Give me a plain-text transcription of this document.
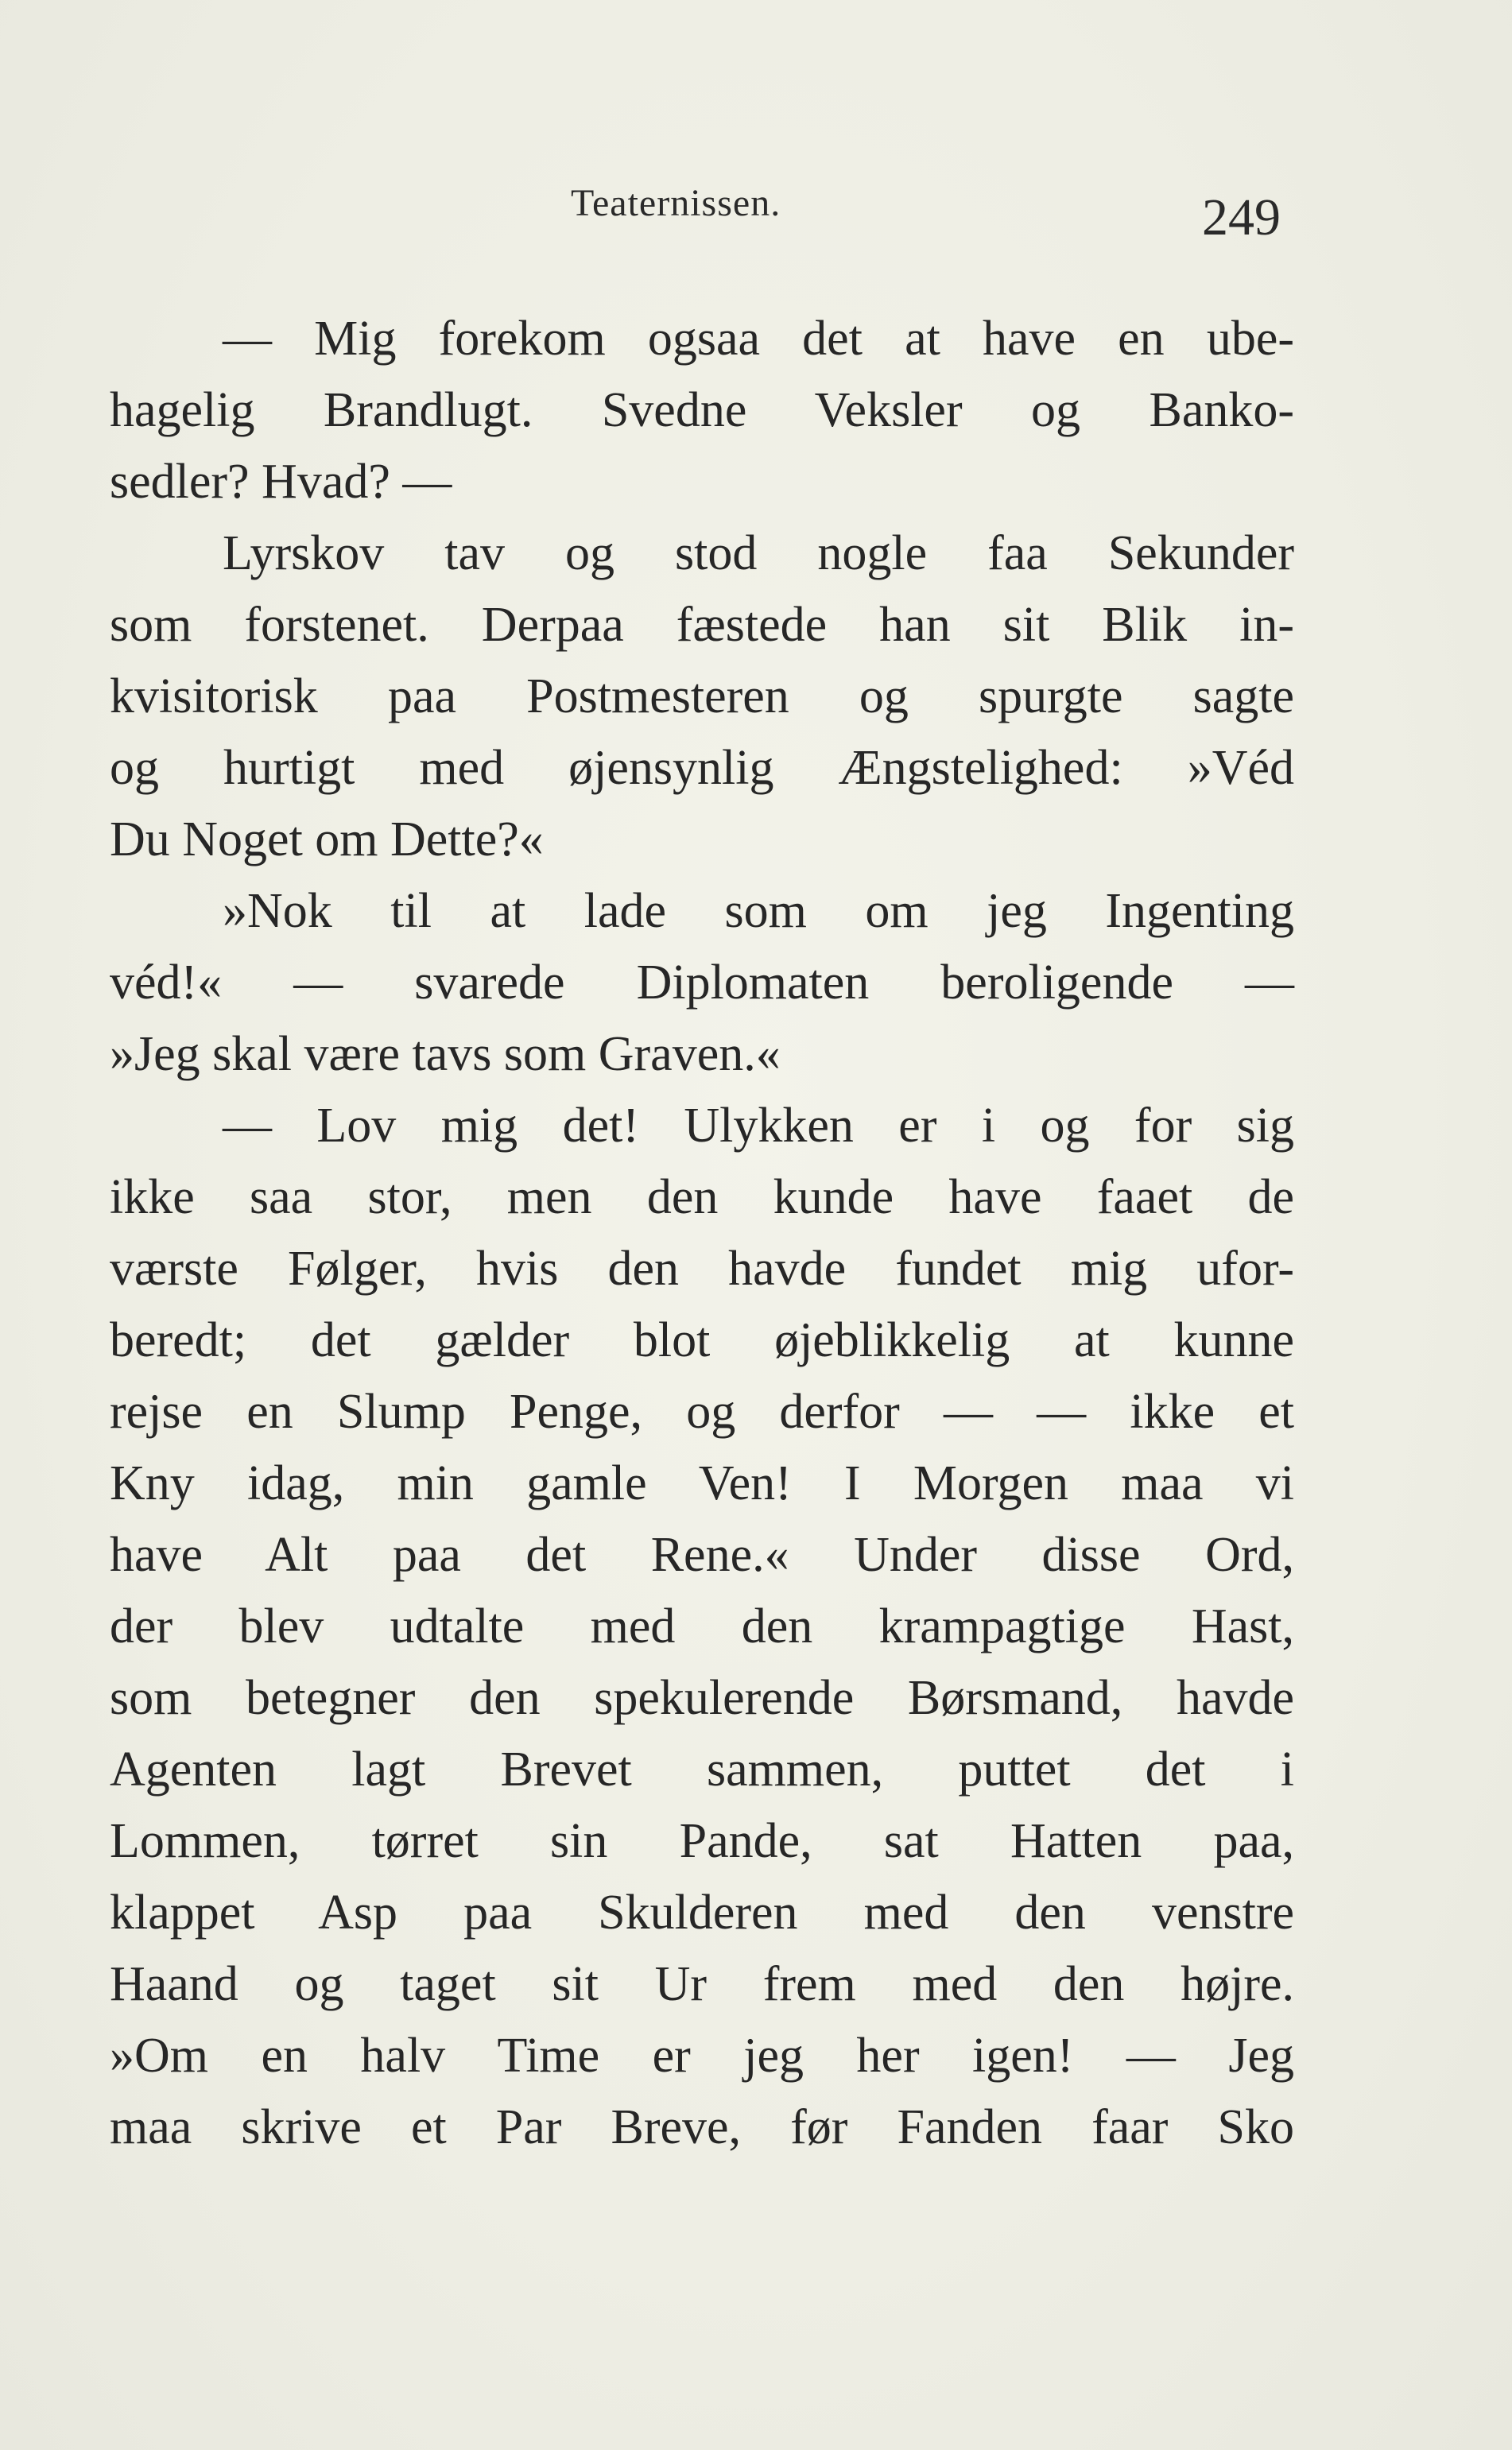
Teaternissen.	249
— Mig forekom ogsaa det at have en ube-
hagelig Brandlugt. Svedne Veksler og Banko-
sedler? Hvad? —
Lyrskov tav og stod nogle faa Sekunder
som forstenet. Derpaa fæstede han sit Blik in-
kvisitorisk paa Postmesteren og spurgte sagte
og hurtigt med øjensynlig Ængstelighed: »Véd
Du Noget om Dette?«
»Nok til at lade som om jeg Ingenting
véd!« — svarede Diplomaten beroligende —
»Jeg skal være tavs som Graven.«
— Lov mig det! Ulykken er i og for sig
ikke saa stor, men den kunde have faaet de
værste Følger, hvis den havde fundet mig ufor-
beredt; det gælder blot øjeblikkelig at kunne
rejse en Slump Penge, og derfor — — ikke et
Kny idag, min gamle Ven! I Morgen maa vi
have Alt paa det Rene.« Under disse Ord,
der blev udtalte med den krampagtige Hast,
som betegner den spekulerende Børsmand, havde
Agenten lagt Brevet sammen, puttet det i
Lommen, tørret sin Pande, sat Hatten paa,
klappet Asp paa Skulderen med den venstre
Haand og taget sit Ur frem med den højre.
»Om en halv Time er jeg her igen! — Jeg
maa skrive et Par Breve, før Fanden faar Sko
